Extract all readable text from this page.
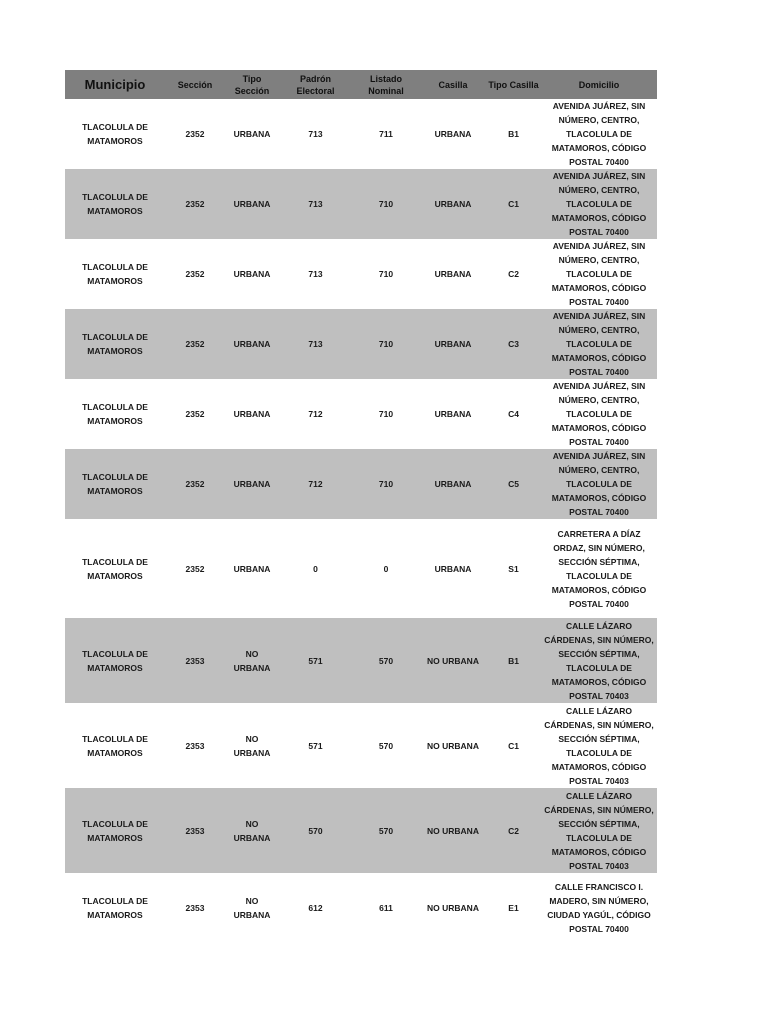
Municipio	Sección	Tipo Sección	Padrón Electoral	Listado Nominal	Casilla	Tipo Casilla	Domicilio
TLACOLULA DE MATAMOROS	2352	URBANA	713	711	URBANA	B1	AVENIDA JUÁREZ, SIN NÚMERO, CENTRO, TLACOLULA DE MATAMOROS, CÓDIGO POSTAL 70400
TLACOLULA DE MATAMOROS	2352	URBANA	713	710	URBANA	C1	AVENIDA JUÁREZ, SIN NÚMERO, CENTRO, TLACOLULA DE MATAMOROS, CÓDIGO POSTAL 70400
TLACOLULA DE MATAMOROS	2352	URBANA	713	710	URBANA	C2	AVENIDA JUÁREZ, SIN NÚMERO, CENTRO, TLACOLULA DE MATAMOROS, CÓDIGO POSTAL 70400
TLACOLULA DE MATAMOROS	2352	URBANA	713	710	URBANA	C3	AVENIDA JUÁREZ, SIN NÚMERO, CENTRO, TLACOLULA DE MATAMOROS, CÓDIGO POSTAL 70400
TLACOLULA DE MATAMOROS	2352	URBANA	712	710	URBANA	C4	AVENIDA JUÁREZ, SIN NÚMERO, CENTRO, TLACOLULA DE MATAMOROS, CÓDIGO POSTAL 70400
TLACOLULA DE MATAMOROS	2352	URBANA	712	710	URBANA	C5	AVENIDA JUÁREZ, SIN NÚMERO, CENTRO, TLACOLULA DE MATAMOROS, CÓDIGO POSTAL 70400
TLACOLULA DE MATAMOROS	2352	URBANA	0	0	URBANA	S1	CARRETERA A DÍAZ ORDAZ, SIN NÚMERO, SECCIÓN SÉPTIMA, TLACOLULA DE MATAMOROS, CÓDIGO POSTAL 70400
TLACOLULA DE MATAMOROS	2353	NO URBANA	571	570	NO URBANA	B1	CALLE LÁZARO CÁRDENAS, SIN NÚMERO, SECCIÓN SÉPTIMA, TLACOLULA DE MATAMOROS, CÓDIGO POSTAL 70403
TLACOLULA DE MATAMOROS	2353	NO URBANA	571	570	NO URBANA	C1	CALLE LÁZARO CÁRDENAS, SIN NÚMERO, SECCIÓN SÉPTIMA, TLACOLULA DE MATAMOROS, CÓDIGO POSTAL 70403
TLACOLULA DE MATAMOROS	2353	NO URBANA	570	570	NO URBANA	C2	CALLE LÁZARO CÁRDENAS, SIN NÚMERO, SECCIÓN SÉPTIMA, TLACOLULA DE MATAMOROS, CÓDIGO POSTAL 70403
TLACOLULA DE MATAMOROS	2353	NO URBANA	612	611	NO URBANA	E1	CALLE FRANCISCO I. MADERO, SIN NÚMERO, CIUDAD YAGÚL, CÓDIGO POSTAL 70400
